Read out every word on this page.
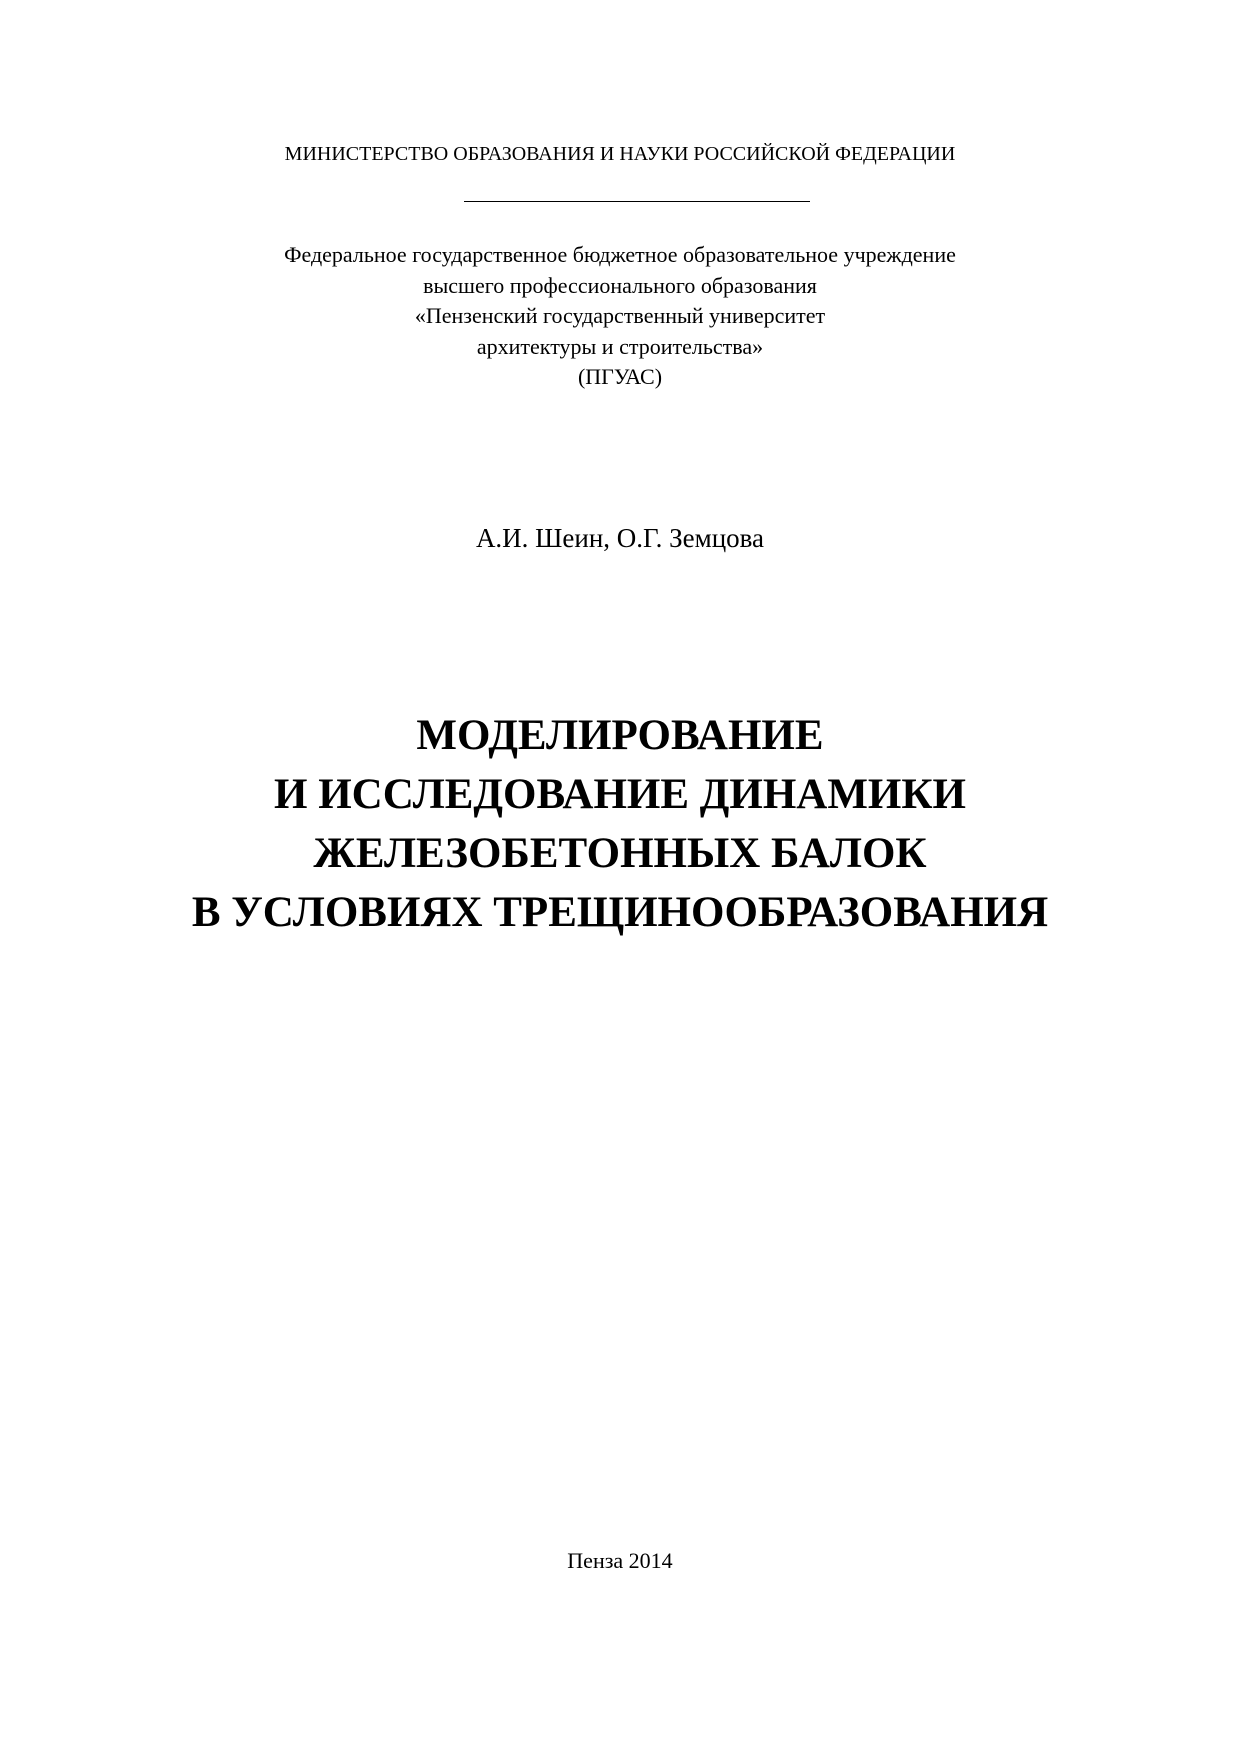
МИНИСТЕРСТВО ОБРАЗОВАНИЯ И НАУКИ РОССИЙСКОЙ ФЕДЕРАЦИИ
Федеральное государственное бюджетное образовательное учреждение
высшего профессионального образования
«Пензенский государственный университет
архитектуры и строительства»
(ПГУАС)
А.И. Шеин, О.Г. Земцова
МОДЕЛИРОВАНИЕ
И ИССЛЕДОВАНИЕ ДИНАМИКИ
ЖЕЛЕЗОБЕТОННЫХ БАЛОК
В УСЛОВИЯХ ТРЕЩИНООБРАЗОВАНИЯ
Пенза 2014
